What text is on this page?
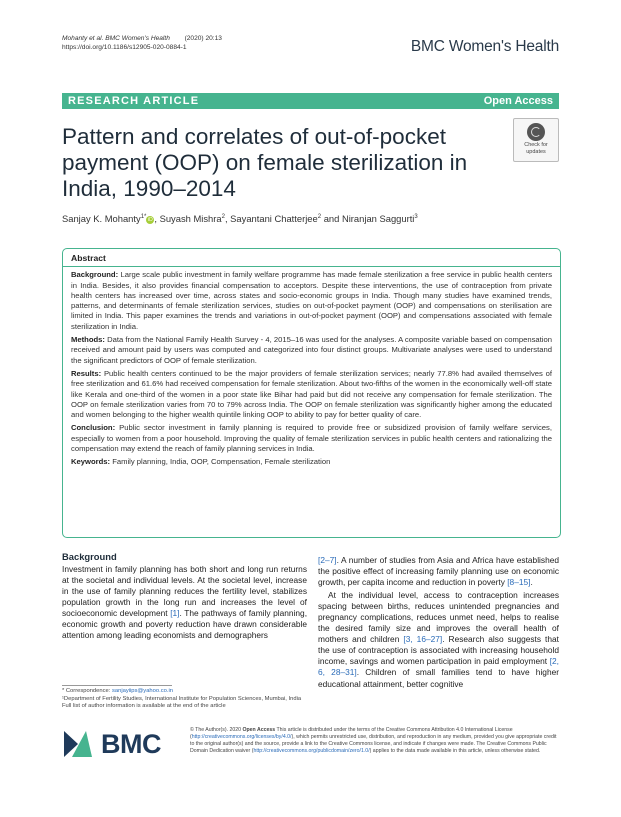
Mohanty et al. BMC Women's Health (2020) 20:13
https://doi.org/10.1186/s12905-020-0884-1	BMC Women's Health
RESEARCH ARTICLE	Open Access
Pattern and correlates of out-of-pocket payment (OOP) on female sterilization in India, 1990–2014
Check for
updates
Sanjay K. Mohanty$^{1*}$ iD , Suyash Mishra$^2$, Sayantani Chatterjee$^2$ and Niranjan Saggurti$^3$
Abstract

Background: Large scale public investment in family welfare programme has made female sterilization a free service in public health centers in India. Besides, it also provides financial compensation to acceptors. Despite these interventions, the use of contraception from private health centers has increased over time, across states and socio-economic groups in India. Though many studies have examined trends, patterns, and determinants of female sterilization services, studies on out-of-pocket payment (OOP) and compensations on sterilisation are limited in India. This paper examines the trends and variations in out-of-pocket payment (OOP) and compensations associated with female sterilization in India.

Methods: Data from the National Family Health Survey - 4, 2015–16 was used for the analyses. A composite variable based on compensation received and amount paid by users was computed and categorized into four distinct groups. Multivariate analyses were used to understand the significant predictors of OOP of female sterilization.

Results: Public health centers continued to be the major providers of female sterilization services; nearly 77.8% had availed themselves of free sterilization and 61.6% had received compensation for female sterilization. About two-fifths of the women in the economically well-off state like Kerala and one-third of the women in a poor state like Bihar had paid but did not receive any compensation for female sterilization. The OOP on female sterilization varies from 70 to 79% across India. The OOP on female sterilization was significantly higher among the educated and women belonging to the higher wealth quintile linking OOP to ability to pay for better quality of care.

Conclusion: Public sector investment in family planning is required to provide free or subsidized provision of family welfare services, especially to women from a poor household. Improving the quality of female sterilization services in public health centers and rationalizing the compensation may extend the reach of family planning services in India.

Keywords: Family planning, India, OOP, Compensation, Female sterilization

Background

Investment in family planning has both short and long run returns at the societal and individual levels. At the societal level, increase in the use of family planning reduces the fertility level, stabilizes population growth in the long run and increases the level of socioeconomic development [1]. The pathways of family planning, economic growth and poverty reduction have drawn considerable attention among leading economists and demographers

[2–7]. A number of studies from Asia and Africa have established the positive effect of increasing family planning use on economic growth, per capita income and reduction in poverty [8–15].

At the individual level, access to contraception increases spacing between births, reduces unintended pregnancies and pregnancy complications, reduces unmet need, helps to realise the desired family size and improves the overall health of mothers and children [3, 16–27]. Research also suggests that the use of contraception is associated with increasing household income, savings and women participation in paid employment [2, 6, 28–31]. Children of small families tend to have higher educational attainment, better cognitive

* Correspondence: sanjayiips@yahoo.co.in
¹Department of Fertility Studies, International Institute for Population Sciences, Mumbai, India
Full list of author information is available at the end of the article
BMC	© The Author(s). 2020 Open Access This article is distributed under the terms of the Creative Commons Attribution 4.0 International License (http://creativecommons.org/licenses/by/4.0/), which permits unrestricted use, distribution, and reproduction in any medium, provided you give appropriate credit to the original author(s) and the source, provide a link to the Creative Commons license, and indicate if changes were made. The Creative Commons Public Domain Dedication waiver (http://creativecommons.org/publicdomain/zero/1.0/) applies to the data made available in this article, unless otherwise stated.
